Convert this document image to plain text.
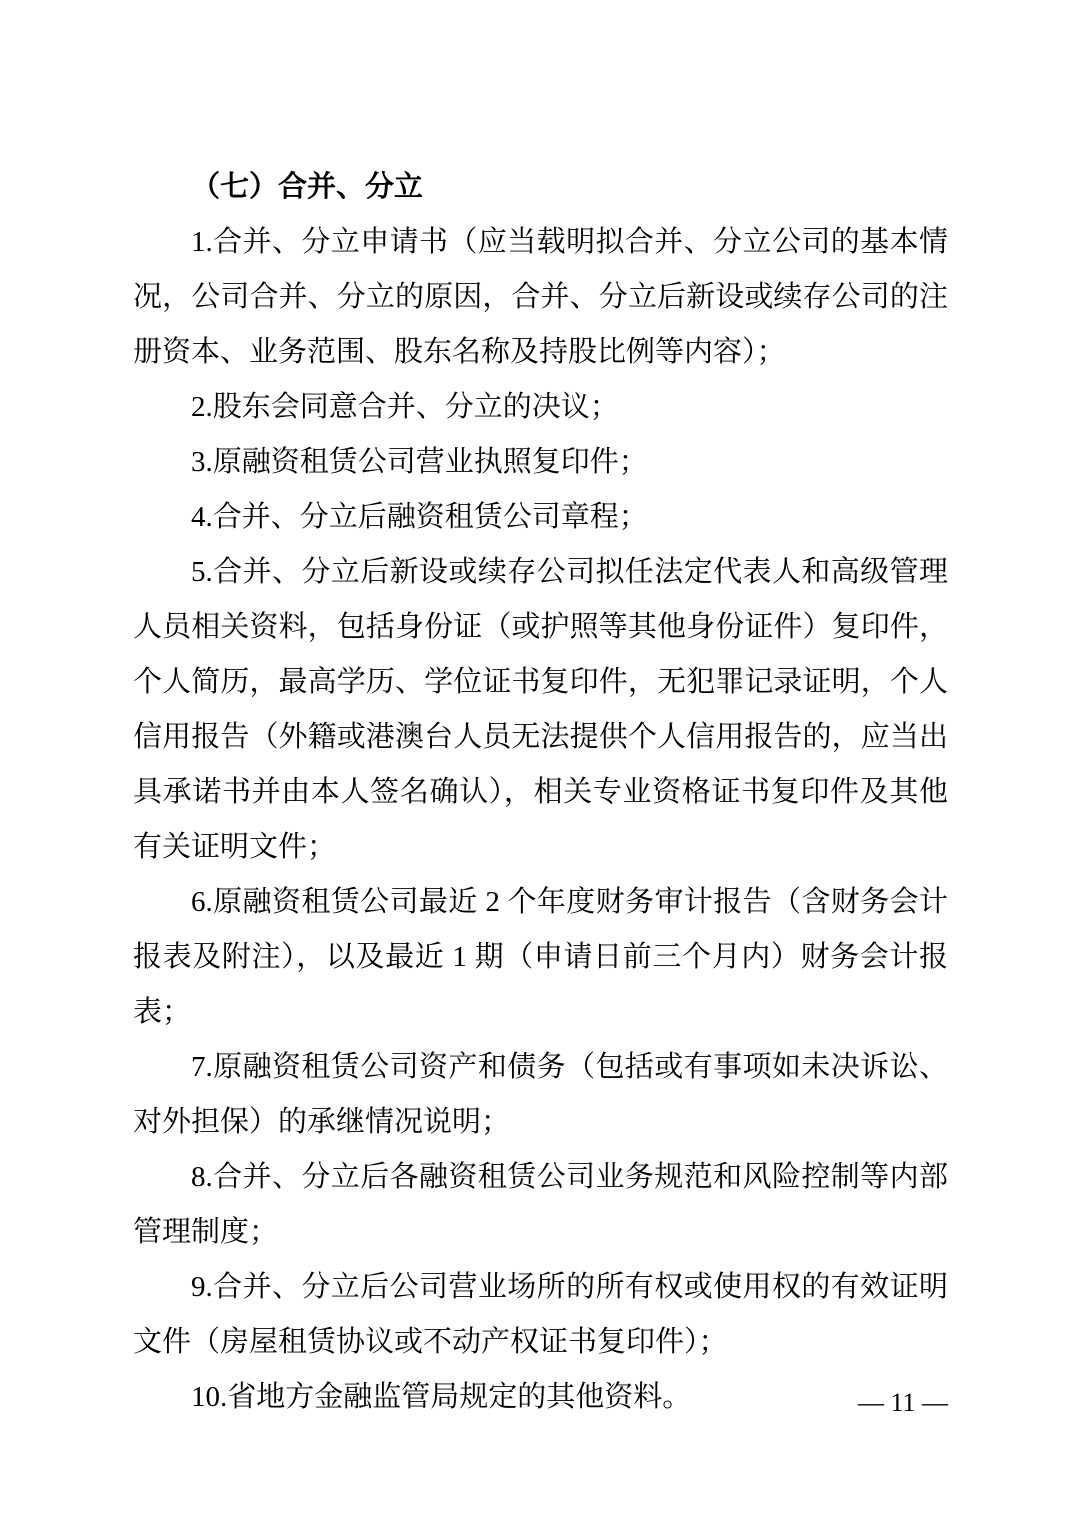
（七）合并、分立

1.合并、分立申请书（应当载明拟合并、分立公司的基本情况，公司合并、分立的原因，合并、分立后新设或续存公司的注册资本、业务范围、股东名称及持股比例等内容）；

2.股东会同意合并、分立的决议；

3.原融资租赁公司营业执照复印件；

4.合并、分立后融资租赁公司章程；

5.合并、分立后新设或续存公司拟任法定代表人和高级管理人员相关资料，包括身份证（或护照等其他身份证件）复印件，个人简历，最高学历、学位证书复印件，无犯罪记录证明，个人信用报告（外籍或港澳台人员无法提供个人信用报告的，应当出具承诺书并由本人签名确认），相关专业资格证书复印件及其他有关证明文件；

6.原融资租赁公司最近 2 个年度财务审计报告（含财务会计报表及附注），以及最近 1 期（申请日前三个月内）财务会计报表；

7.原融资租赁公司资产和债务（包括或有事项如未决诉讼、对外担保）的承继情况说明；

8.合并、分立后各融资租赁公司业务规范和风险控制等内部管理制度；

9.合并、分立后公司营业场所的所有权或使用权的有效证明文件（房屋租赁协议或不动产权证书复印件）；

10.省地方金融监管局规定的其他资料。	— 11 —
